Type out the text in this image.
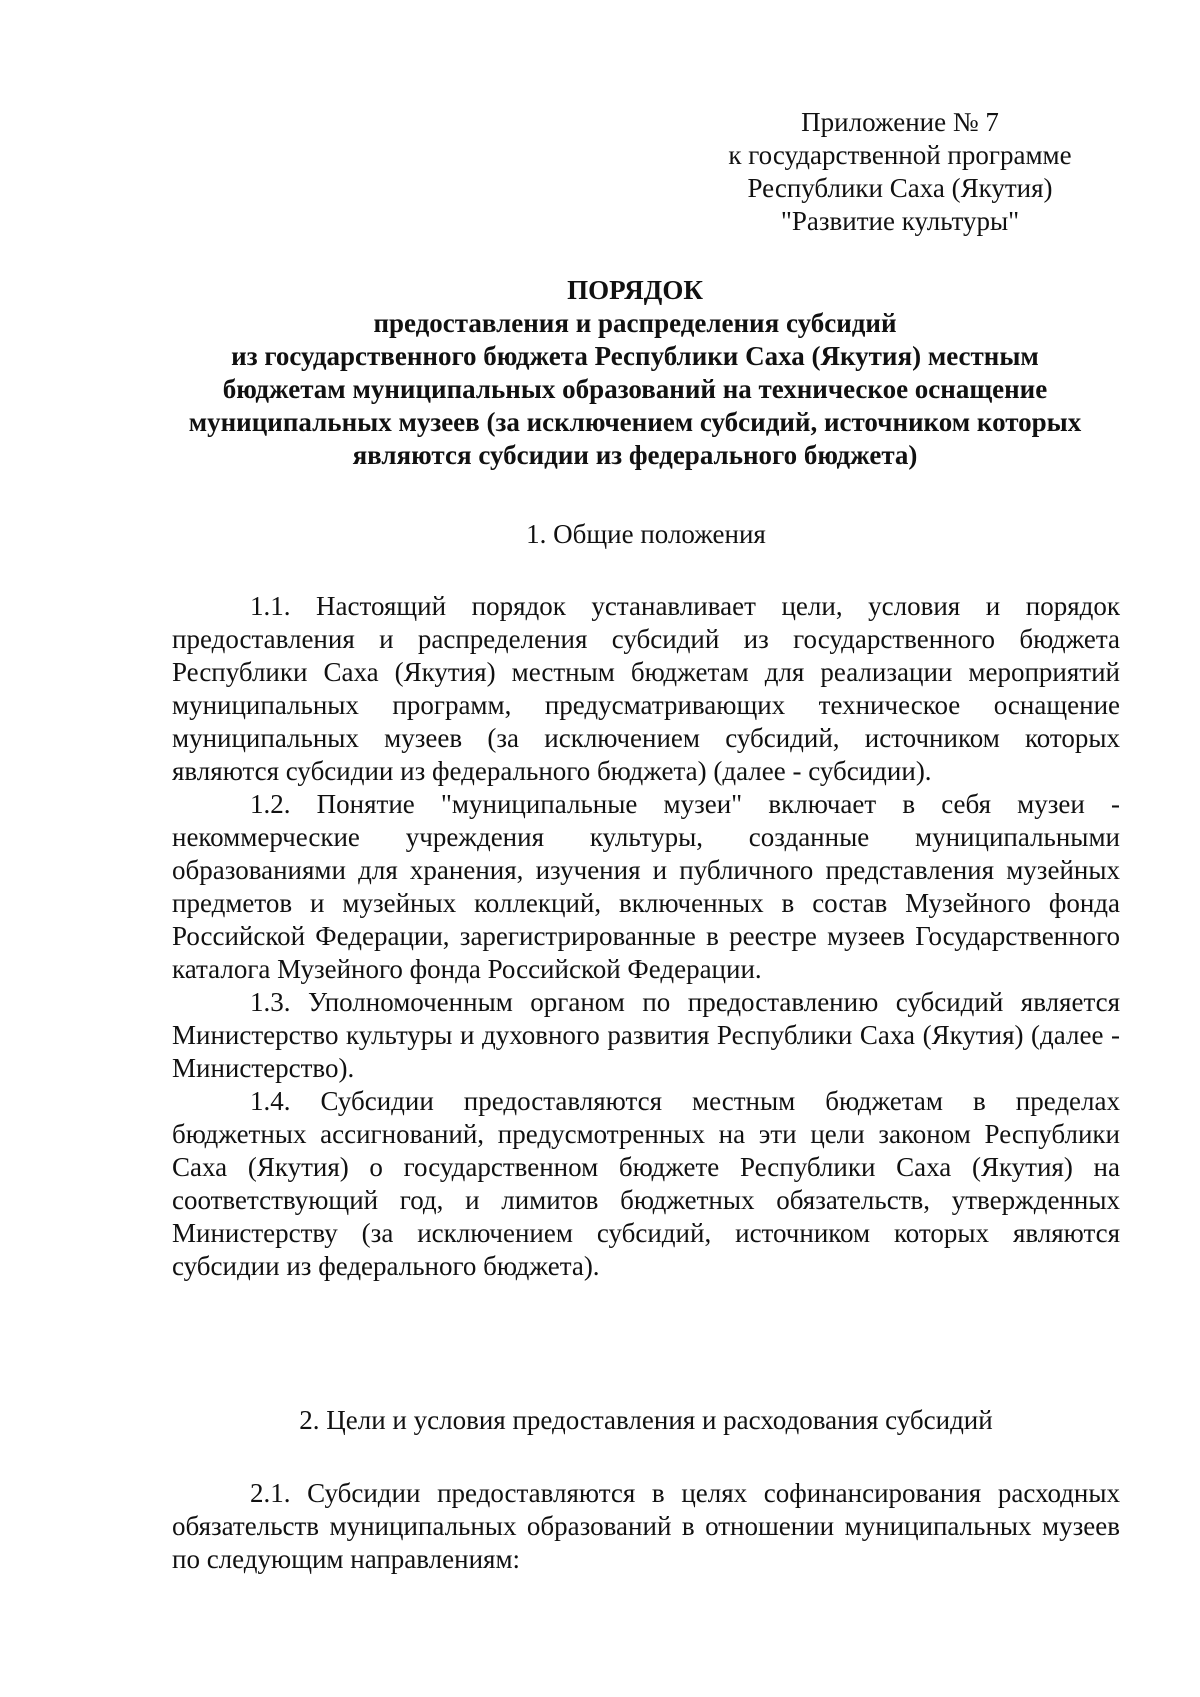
Приложение № 7
к государственной программе
Республики Саха (Якутия)
"Развитие культуры"
ПОРЯДОК
предоставления и распределения субсидий
из государственного бюджета Республики Саха (Якутия) местным
бюджетам муниципальных образований на техническое оснащение
муниципальных музеев (за исключением субсидий, источником которых
являются субсидии из федерального бюджета)
1. Общие положения

1.1. Настоящий порядок устанавливает цели, условия и порядок предоставления и распределения субсидий из государственного бюджета Республики Саха (Якутия) местным бюджетам для реализации мероприятий муниципальных программ, предусматривающих техническое оснащение муниципальных музеев (за исключением субсидий, источником которых являются субсидии из федерального бюджета) (далее - субсидии).

1.2. Понятие "муниципальные музеи" включает в себя музеи - некоммерческие учреждения культуры, созданные муниципальными образованиями для хранения, изучения и публичного представления музейных предметов и музейных коллекций, включенных в состав Музейного фонда Российской Федерации, зарегистрированные в реестре музеев Государственного каталога Музейного фонда Российской Федерации.

1.3. Уполномоченным органом по предоставлению субсидий является Министерство культуры и духовного развития Республики Саха (Якутия) (далее - Министерство).

1.4. Субсидии предоставляются местным бюджетам в пределах бюджетных ассигнований, предусмотренных на эти цели законом Республики Саха (Якутия) о государственном бюджете Республики Саха (Якутия) на соответствующий год, и лимитов бюджетных обязательств, утвержденных Министерству (за исключением субсидий, источником которых являются субсидии из федерального бюджета).

2. Цели и условия предоставления и расходования субсидий

2.1. Субсидии предоставляются в целях софинансирования расходных обязательств муниципальных образований в отношении муниципальных музеев по следующим направлениям:
